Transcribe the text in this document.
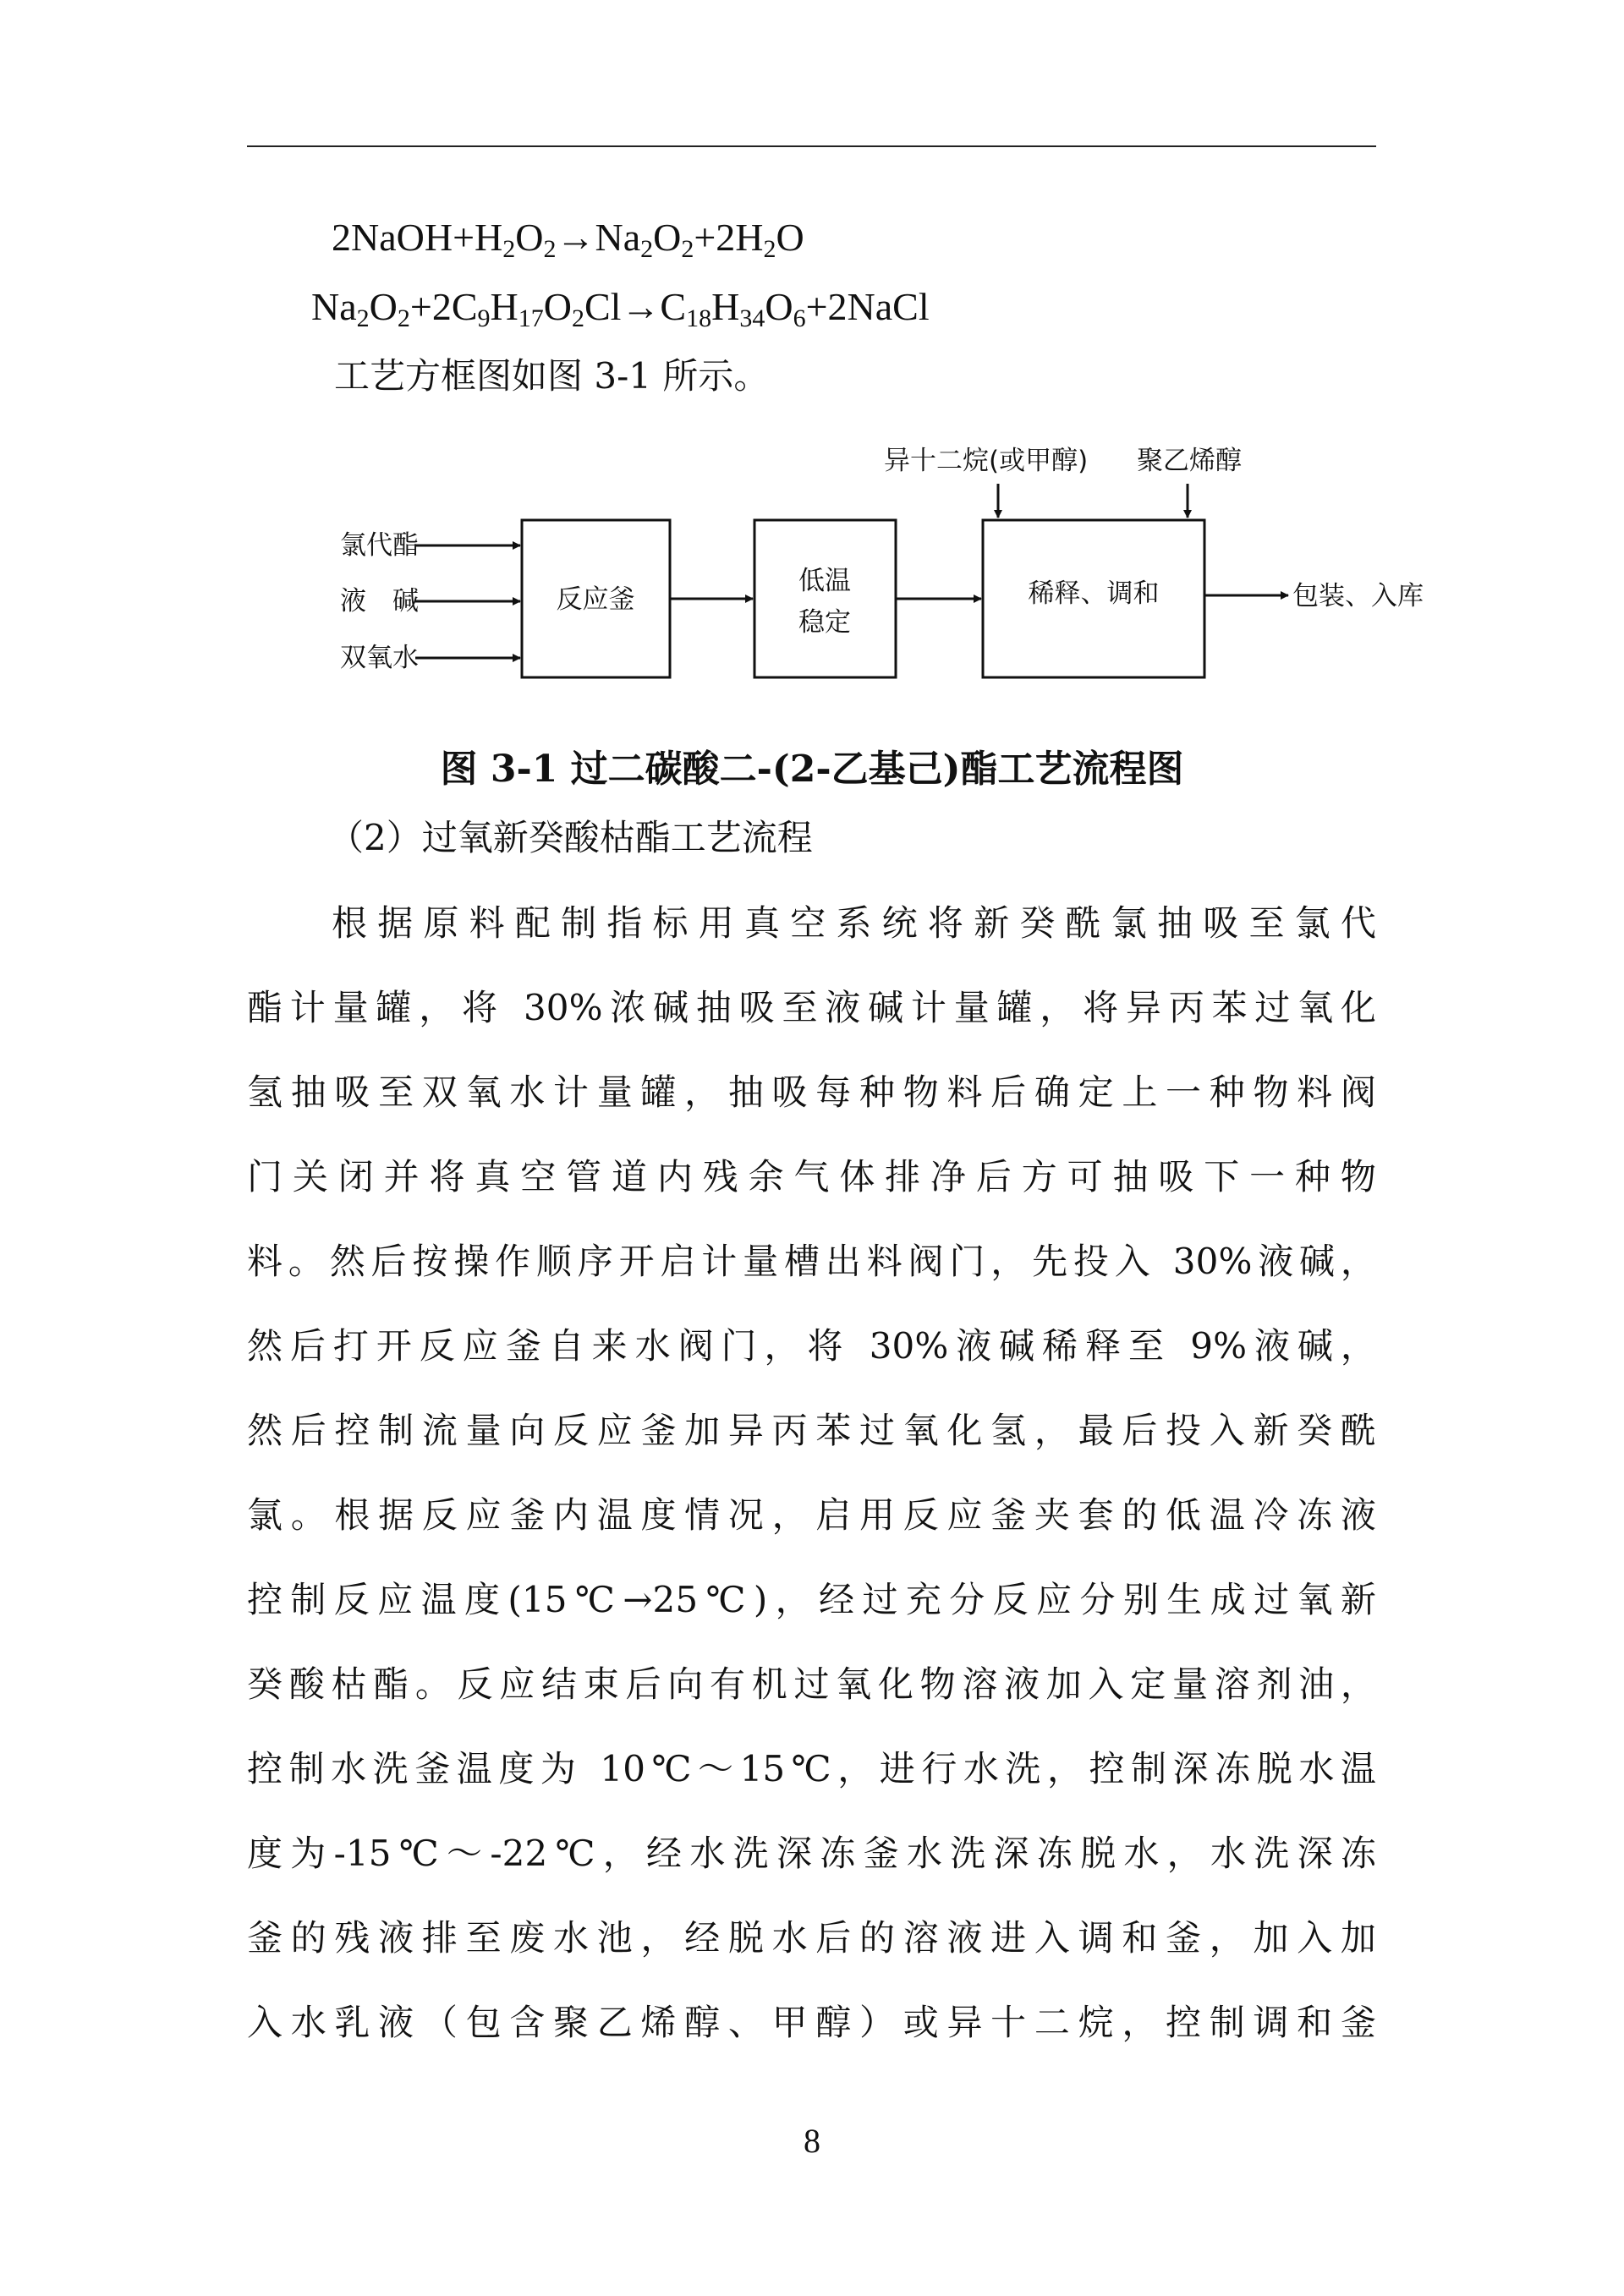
$2NaOH+H_2O_2\to Na_2O_2+2H_2O$
$Na_2O_2+2C_9H_{17}O_2Cl\to C_{18}H_{34}O_6+2NaCl$
工艺方框图如图 3-1 所示。
氯代酯
液　碱
双氧水
反应釜
低温
稳定
稀释、调和
异十二烷(或甲醇) 聚乙烯醇
包装、入库
图 3-1 过二碳酸二-(2-乙基己)酯工艺流程图
（2）过氧新癸酸枯酯工艺流程
根据原料配制指标用真空系统将新癸酰氯抽吸至氯代
酯计量罐，将 30%浓碱抽吸至液碱计量罐，将异丙苯过氧化
氢抽吸至双氧水计量罐，抽吸每种物料后确定上一种物料阀
门关闭并将真空管道内残余气体排净后方可抽吸下一种物
料。然后按操作顺序开启计量槽出料阀门，先投入 30%液碱，
然后打开反应釜自来水阀门，将 30%液碱稀释至 9%液碱，
然后控制流量向反应釜加异丙苯过氧化氢，最后投入新癸酰
氯。根据反应釜内温度情况，启用反应釜夹套的低温冷冻液
控制反应温度(15℃→25℃)，经过充分反应分别生成过氧新
癸酸枯酯。反应结束后向有机过氧化物溶液加入定量溶剂油，
控制水洗釜温度为 10℃～15℃，进行水洗，控制深冻脱水温
度为-15℃～-22℃，经水洗深冻釜水洗深冻脱水，水洗深冻
釜的残液排至废水池，经脱水后的溶液进入调和釜，加入加
入水乳液（包含聚乙烯醇、甲醇）或异十二烷，控制调和釜
8
